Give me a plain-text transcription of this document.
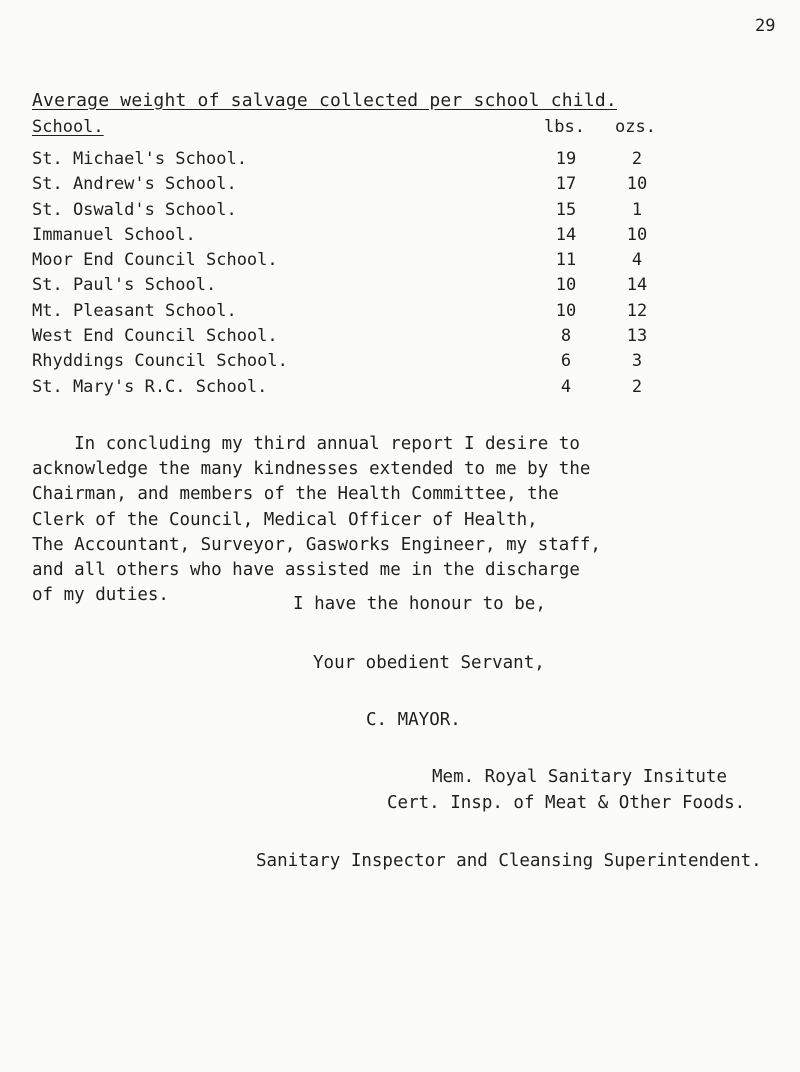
29
Average weight of salvage collected per school child.
School.	lbs. ozs.
St. Michael's School.	19	2
St. Andrew's School.	17	10
St. Oswald's School.	15	1
Immanuel School.	14	10
Moor End Council School.	11	4
St. Paul's School.	10	14
Mt. Pleasant School.	10	12
West End Council School.	8	13
Rhyddings Council School.	6	3
St. Mary's R.C. School.	4	2

In concluding my third annual report I desire to

acknowledge the many kindnesses extended to me by the

Chairman, and members of the Health Committee, the

Clerk of the Council, Medical Officer of Health,

The Accountant, Surveyor, Gasworks Engineer, my staff,

and all others who have assisted me in the discharge

of my duties.	I have the honour to be,
Your obedient Servant,
C. MAYOR.
Mem. Royal Sanitary Insitute
Cert. Insp. of Meat & Other Foods.
Sanitary Inspector and Cleansing Superintendent.
